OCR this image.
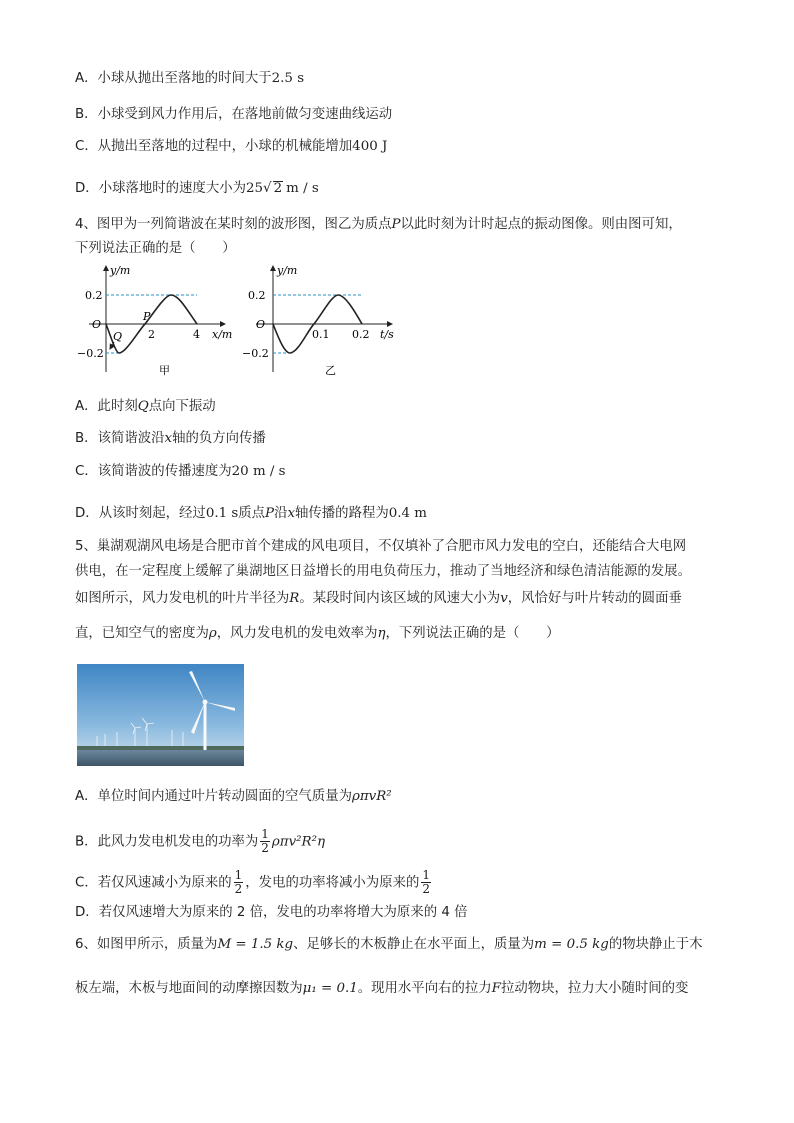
A．小球从抛出至落地的时间大于2.5 s
B．小球受到风力作用后，在落地前做匀变速曲线运动
C．从抛出至落地的过程中，小球的机械能增加400 J
D．小球落地时的速度大小为25√ 2 m / s
4、图甲为一列简谐波在某时刻的波形图，图乙为质点P以此时刻为计时起点的振动图像。则由图可知，
下列说法正确的是（　　）
y/m
x/m
O
0.2
−0.2
2	4
P
Q
甲
y/m
t/s
O
0.2
−0.2
0.1 0.2
乙
A．此时刻Q点向下振动
B．该简谐波沿x轴的负方向传播
C．该简谐波的传播速度为20 m / s
D．从该时刻起，经过0.1 s质点P沿x轴传播的路程为0.4 m
5、巢湖观湖风电场是合肥市首个建成的风电项目，不仅填补了合肥市风力发电的空白，还能结合大电网
供电，在一定程度上缓解了巢湖地区日益增长的用电负荷压力，推动了当地经济和绿色清洁能源的发展。
如图所示，风力发电机的叶片半径为R。某段时间内该区域的风速大小为v，风恰好与叶片转动的圆面垂
直，已知空气的密度为ρ，风力发电机的发电效率为η，下列说法正确的是（　　）
A．单位时间内通过叶片转动圆面的空气质量为ρπvR²
B．此风力发电机发电的功率为 $\frac{1}{2} \rho\pi v^2R^2\eta$
C．若仅风速减小为原来的 $\frac{1}{2}$ ，发电的功率将减小为原来的 $\frac{1}{2}$
D．若仅风速增大为原来的 2 倍，发电的功率将增大为原来的 4 倍
6、如图甲所示，质量为M = 1.5 kg、足够长的木板静止在水平面上，质量为m = 0.5 kg的物块静止于木
板左端，木板与地面间的动摩擦因数为μ₁ = 0.1。现用水平向右的拉力F拉动物块，拉力大小随时间的变
